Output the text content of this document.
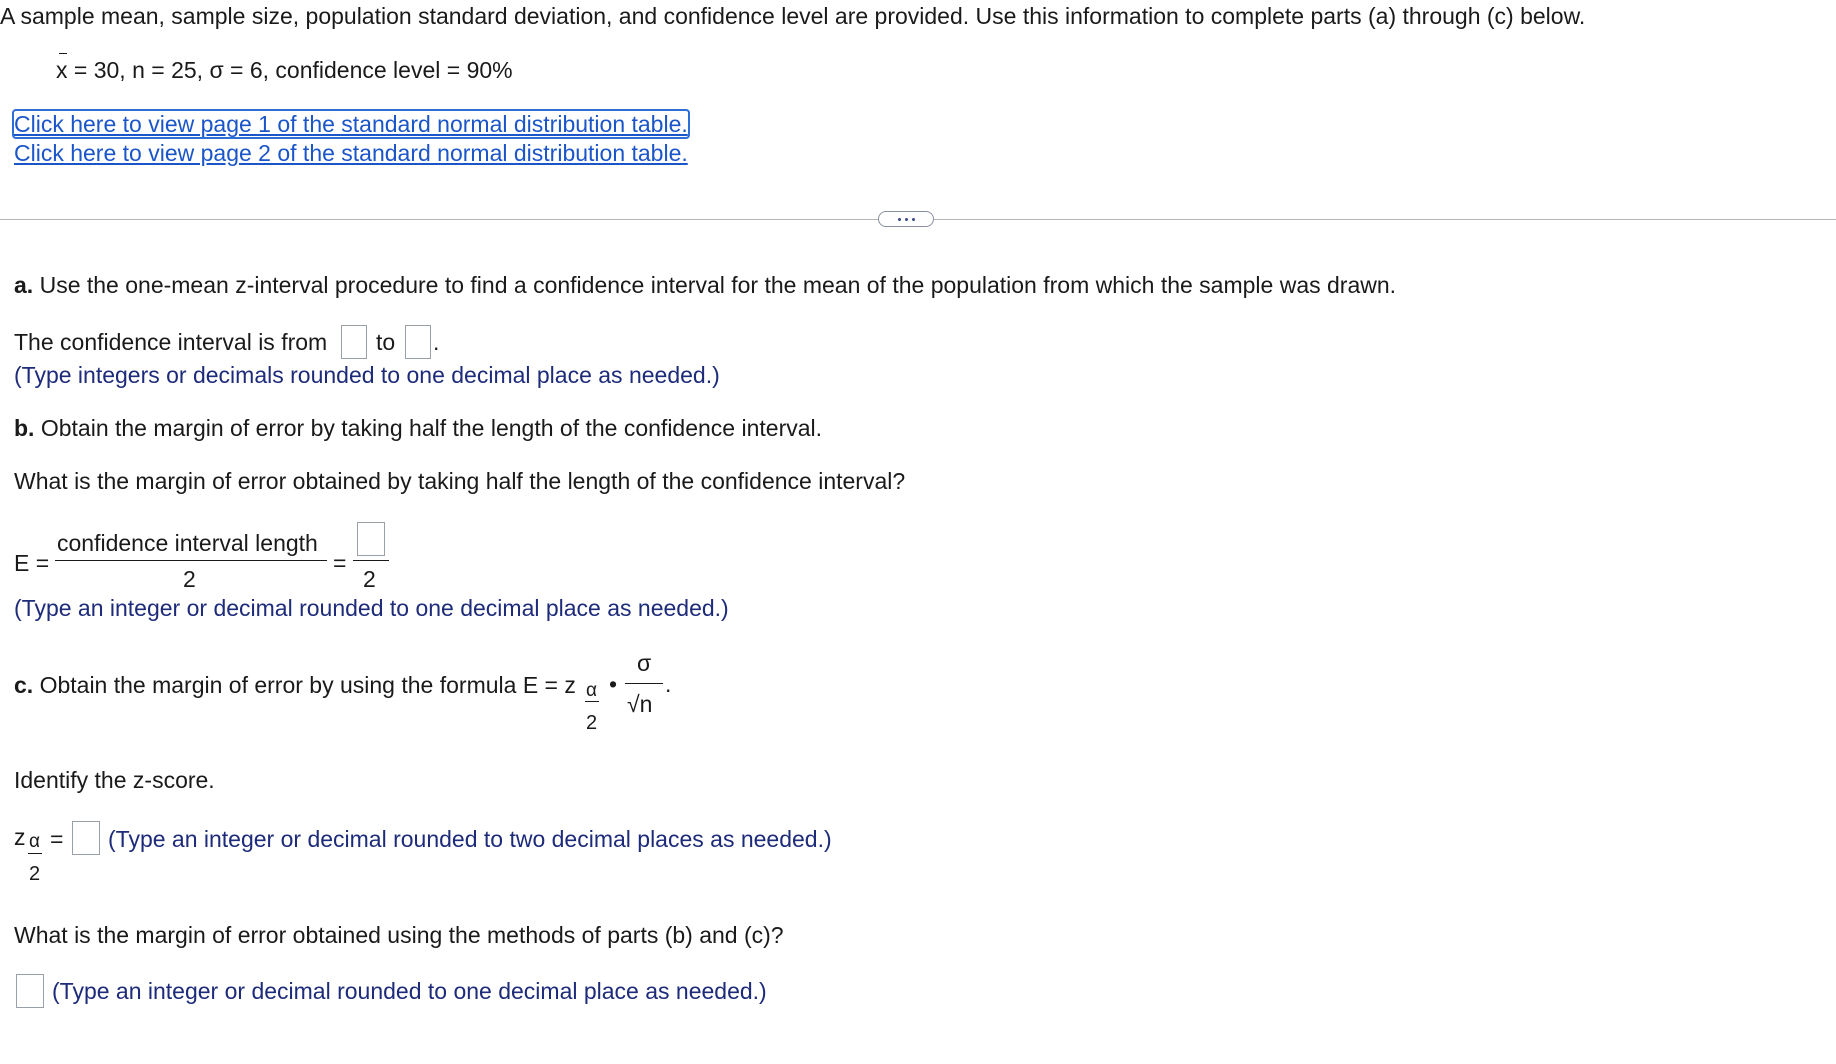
A sample mean, sample size, population standard deviation, and confidence level are provided. Use this information to complete parts (a) through (c) below.
x = 30, n = 25, σ = 6, confidence level = 90%
Click here to view page 1 of the standard normal distribution table.
Click here to view page 2 of the standard normal distribution table.
a. Use the one-mean z-interval procedure to find a confidence interval for the mean of the population from which the sample was drawn.
The confidence interval is from to .
(Type integers or decimals rounded to one decimal place as needed.)
b. Obtain the margin of error by taking half the length of the confidence interval.
What is the margin of error obtained by taking half the length of the confidence interval?
E =
confidence interval length
2
=
2
(Type an integer or decimal rounded to one decimal place as needed.)
c. Obtain the margin of error by using the formula E = z α
2
•
σ
√n
.
Identify the z-score.
z α
2
= (Type an integer or decimal rounded to two decimal places as needed.)
What is the margin of error obtained using the methods of parts (b) and (c)?
(Type an integer or decimal rounded to one decimal place as needed.)
